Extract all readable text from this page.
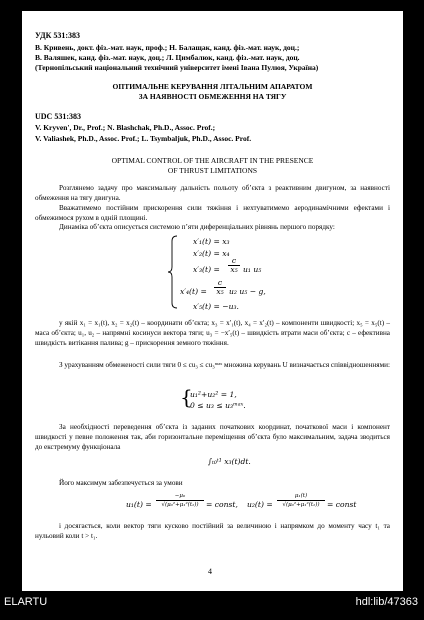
УДК 531:383
В. Кривень, докт. фіз.-мат. наук, проф.; Н. Балащак, канд. фіз.-мат. наук, доц.;
В. Валяшек, канд. фіз.-мат. наук, доц.; Л. Цимбалюк, канд. фіз.-мат. наук, доц.
(Тернопільський національний технічний університет імені Івана Пулюя, Україна)
ОПТИМАЛЬНЕ КЕРУВАННЯ ЛІТАЛЬНИМ АПАРАТОМ
ЗА НАЯВНОСТІ ОБМЕЖЕННЯ НА ТЯГУ
UDC 531:383
V. Kryven', Dr., Prof.; N. Blashchak, Ph.D., Assoc. Prof.;
V. Valiashek, Ph.D., Assoc. Prof.; L. Tsymbaljuk, Ph.D., Assoc. Prof.
OPTIMAL CONTROL OF THE AIRCRAFT IN THE PRESENCE
OF THRUST LIMITATIONS
Розглянемо задачу про максимальну дальність польоту об’єкта з реактивним двигуном, за наявності обмеження на тягу двигуна.
Вважатимемо постійним прискорення сили тяжіння і нехтуватимемо аеродинамічними ефектами і обмежимося рухом в одній площині.
Динаміка об’єкта описується системою п’яти диференціальних рівнянь першого порядку:
x′₁(t) = x₃
x′₂(t) = x₄
x′₃(t) =
c
x₅ u₁ u₅
x′₄(t) =
c
x₅ u₂ u₅ − g,
x′₅(t) = −u₃.
у якій x₁ = x₁(t), x₂ = x₂(t) – координати об’єкта; x₃ = x′₁(t), x₄ = x′₂(t) – компоненти швидкості; x₅ = x₅(t) – маса об’єкта; u₁, u₂ – напрямні косинуси вектора тяги; u₃ = −x′₅(t) – швидкість втрати маси об’єкта; c – ефективна швидкість витікання палива; g – прискорення земного тяжіння.
З урахуванням обмеженості сили тяги 0 ≤ cu₃ ≤ cu₃ᵐᵃˣ множина керувань U визначається співвідношеннями:
{
u₁²+u₂² = 1,
0 ≤ u₃ ≤ u₃ᵐᵃˣ.
За необхідності переведення об’єкта із заданих початкових координат, початкової маси і компонент швидкості у певне положення так, аби горизонтальне переміщення об’єкта було максимальним, задача зводиться до екстремуму функціонала
∫ₜ₀ᵗ¹ x₃(t)dt.
Його максимум забезпечується за умови
u₁(t) =
−μ₀
√(μ₀²+μ₁²(t₁)) = const, u₂(t) =
μ₁(t)
√(μ₀²+μ₁²(t₁)) = const
і досягається, коли вектор тяги кусково постійний за величиною і напрямком до моменту часу t₁ та нульовий коли t > t₁.
4
ELARTU	hdl:lib/47363
